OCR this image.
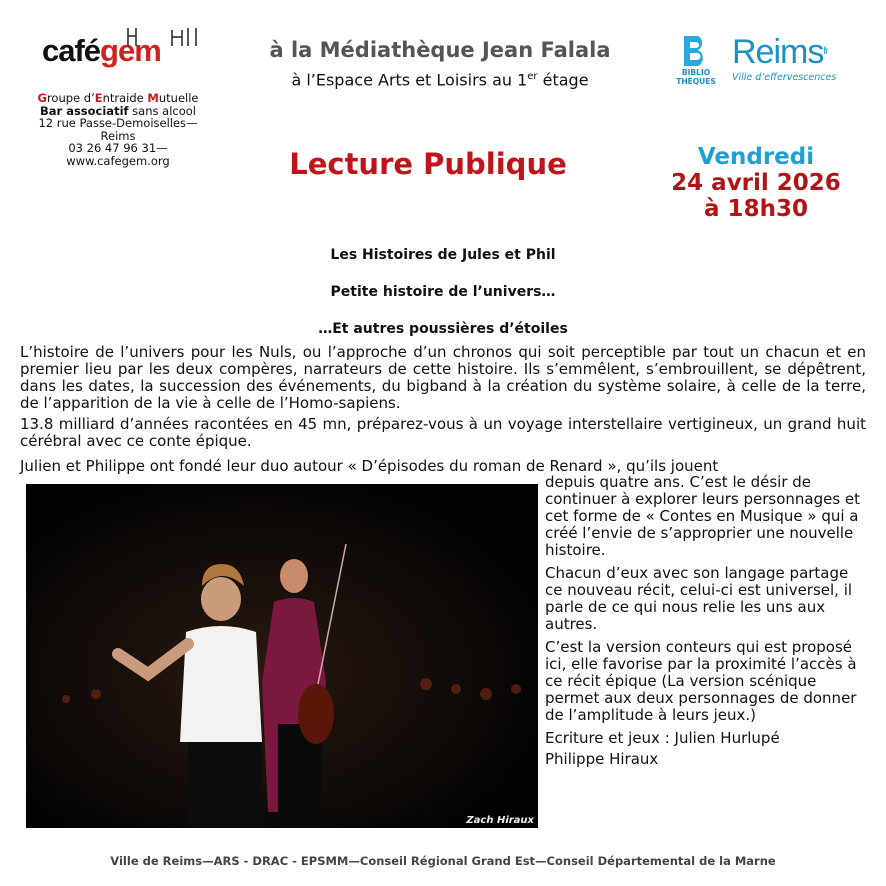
cafégem

Groupe d’Entraide Mutuelle

Bar associatif sans alcool

12 rue Passe-Demoiselles—

Reims

03 26 47 96 31—

www.cafegem.org

à la Médiathèque Jean Falala
à l’Espace Arts et Loisirs au 1er étage	BIBLIO
THÈQUES
Reims$^{fr}$
Ville d’effervescences
Lecture Publique	Vendredi
24 avril 2026
à 18h30
Les Histoires de Jules et Phil
Petite histoire de l’univers…
…Et autres poussières d’étoiles
L’histoire de l’univers pour les Nuls, ou l’approche d’un chronos qui soit perceptible par tout un chacun et en premier lieu par les deux compères, narrateurs de cette histoire. Ils s’emmêlent, s’embrouillent, se dépêtrent, dans les dates, la succession des événements, du bigband à la création du système solaire, à celle de la terre, de l’apparition de la vie à celle de l’Homo-sapiens.
13.8 milliard d’années racontées en 45 mn, préparez-vous à un voyage interstellaire vertigineux, un grand huit cérébral avec ce conte épique.
Julien et Philippe ont fondé leur duo autour « D’épisodes du roman de Renard », qu’ils jouent
Zach Hiraux

depuis quatre ans. C’est le désir de continuer à explorer leurs personnages et cet forme de « Contes en Musique » qui a créé l’envie de s’approprier une nouvelle histoire.

Chacun d’eux avec son langage partage ce nouveau récit, celui-ci est universel, il parle de ce qui nous relie les uns aux autres.

C’est la version conteurs qui est proposé ici, elle favorise par la proximité l’accès à ce récit épique (La version scénique permet aux deux personnages de donner de l’amplitude à leurs jeux.)

Ecriture et jeux : Julien Hurlupé

Philippe Hiraux

Ville de Reims—ARS - DRAC - EPSMM—Conseil Régional Grand Est—Conseil Départemental de la Marne
